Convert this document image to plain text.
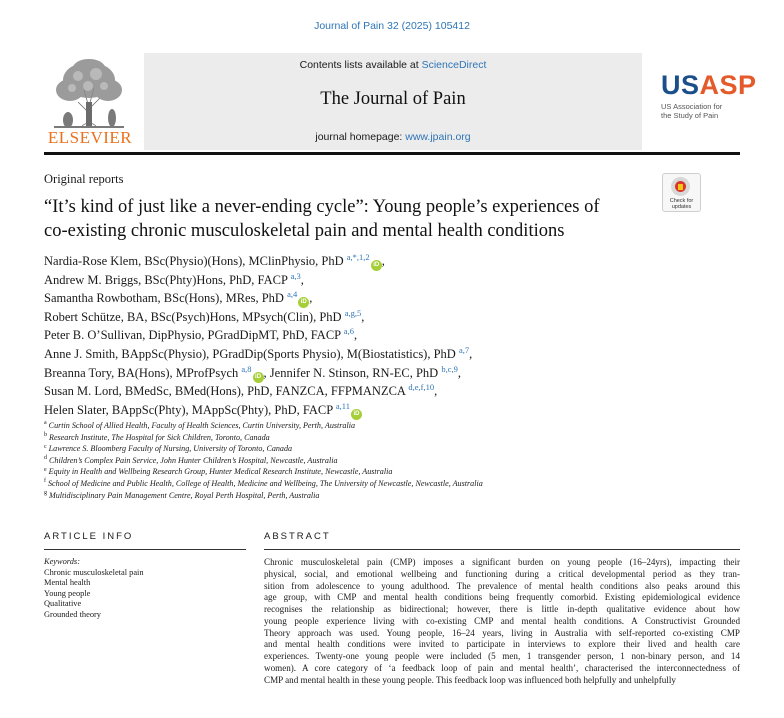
Journal of Pain 32 (2025) 105412
ELSEVIER
Contents lists available at ScienceDirect
The Journal of Pain
journal homepage: www.jpain.org
USASP
US Association for
the Study of Pain
Original reports
Check for
updates
“It’s kind of just like a never-ending cycle”: Young people’s experiences of
co-existing chronic musculoskeletal pain and mental health conditions
Nardia-Rose Klem, BSc(Physio)(Hons), MClinPhysio, PhD $^{a,*,1,2}$iD ,
Andrew M. Briggs, BSc(Phty)Hons, PhD, FACP $^{a,3}$,
Samantha Rowbotham, BSc(Hons), MRes, PhD $^{a,4}$iD ,
Robert Schütze, BA, BSc(Psych)Hons, MPsych(Clin), PhD $^{a,g,5}$,
Peter B. O’Sullivan, DipPhysio, PGradDipMT, PhD, FACP $^{a,6}$,
Anne J. Smith, BAppSc(Physio), PGradDip(Sports Physio), M(Biostatistics), PhD $^{a,7}$,
Breanna Tory, BA(Hons), MProfPsych $^{a,8}$iD , Jennifer N. Stinson, RN-EC, PhD $^{b,c,9}$,
Susan M. Lord, BMedSc, BMed(Hons), PhD, FANZCA, FFPMANZCA $^{d,e,f,10}$,
Helen Slater, BAppSc(Phty), MAppSc(Phty), PhD, FACP $^{a,11}$iD
$^a$ Curtin School of Allied Health, Faculty of Health Sciences, Curtin University, Perth, Australia
$^b$ Research Institute, The Hospital for Sick Children, Toronto, Canada
$^c$ Lawrence S. Bloomberg Faculty of Nursing, University of Toronto, Canada
$^d$ Children’s Complex Pain Service, John Hunter Children’s Hospital, Newcastle, Australia
$^e$ Equity in Health and Wellbeing Research Group, Hunter Medical Research Institute, Newcastle, Australia
$^f$ School of Medicine and Public Health, College of Health, Medicine and Wellbeing, The University of Newcastle, Newcastle, Australia
$^g$ Multidisciplinary Pain Management Centre, Royal Perth Hospital, Perth, Australia
ARTICLE INFO	ABSTRACT
Keywords:
Chronic musculoskeletal pain
Mental health
Young people
Qualitative
Grounded theory
Chronic musculoskeletal pain (CMP) imposes a significant burden on young people (16–24yrs), impacting their
physical, social, and emotional wellbeing and functioning during a critical developmental period as they tran-
sition from adolescence to young adulthood. The prevalence of mental health conditions also peaks around this
age group, with CMP and mental health conditions being frequently comorbid. Existing epidemiological evidence
recognises the relationship as bidirectional; however, there is little in-depth qualitative evidence about how
young people experience living with co-existing CMP and mental health conditions. A Constructivist Grounded
Theory approach was used. Young people, 16–24 years, living in Australia with self-reported co-existing CMP
and mental health conditions were invited to participate in interviews to explore their lived and health care
experiences. Twenty-one young people were included (5 men, 1 transgender person, 1 non-binary person, and 14
women). A core category of ‘a feedback loop of pain and mental health’, characterised the interconnectedness of
CMP and mental health in these young people. This feedback loop was influenced both helpfully and unhelpfully
